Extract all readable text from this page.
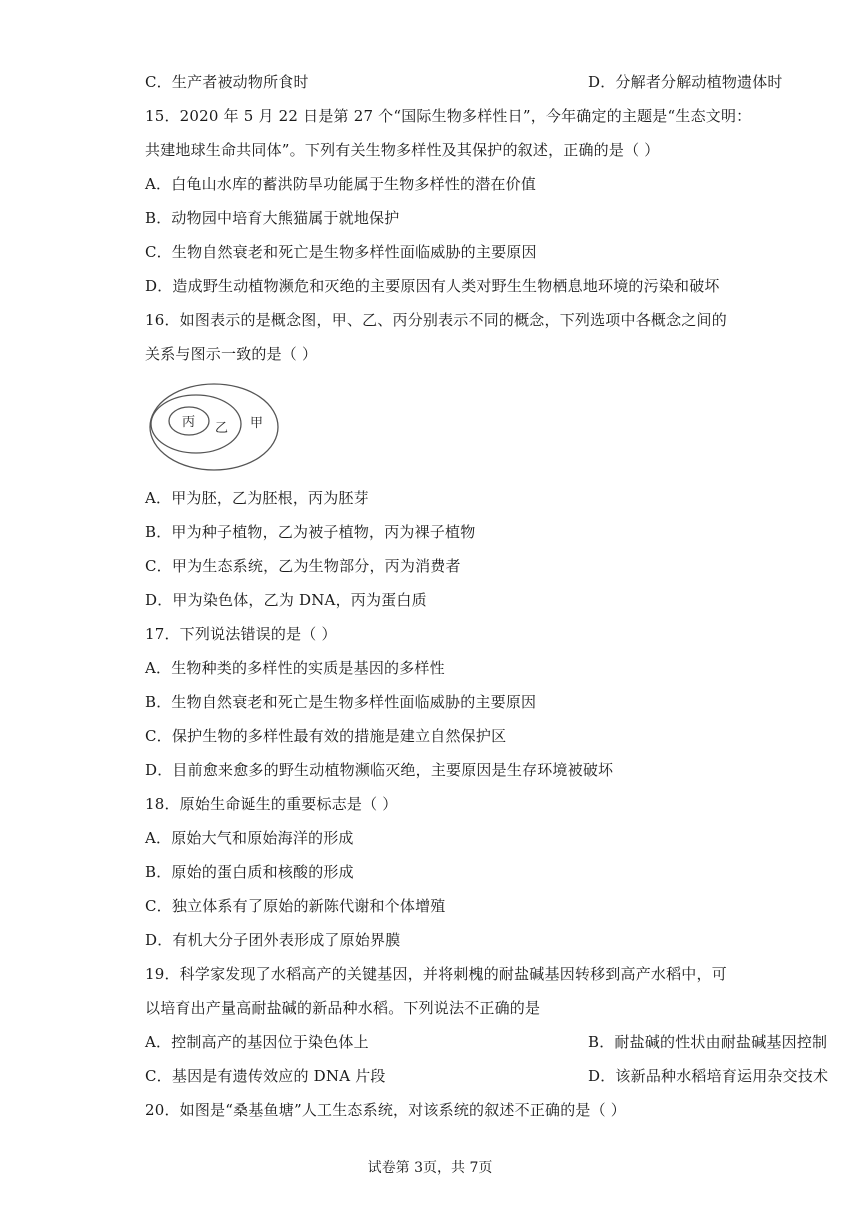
C．生产者被动物所食时	D．分解者分解动植物遗体时
15．2020 年 5 月 22 日是第 27 个“国际生物多样性日”，今年确定的主题是“生态文明：
共建地球生命共同体”。下列有关生物多样性及其保护的叙述，正确的是（ ）
A．白龟山水库的蓄洪防旱功能属于生物多样性的潜在价值
B．动物园中培育大熊猫属于就地保护
C．生物自然衰老和死亡是生物多样性面临威胁的主要原因
D．造成野生动植物濒危和灭绝的主要原因有人类对野生生物栖息地环境的污染和破坏
16．如图表示的是概念图，甲、乙、丙分别表示不同的概念，下列选项中各概念之间的
关系与图示一致的是（ ）
丙 乙 甲
A．甲为胚，乙为胚根，丙为胚芽
B．甲为种子植物，乙为被子植物，丙为裸子植物
C．甲为生态系统，乙为生物部分，丙为消费者
D．甲为染色体，乙为 DNA，丙为蛋白质
17．下列说法错误的是（ ）
A．生物种类的多样性的实质是基因的多样性
B．生物自然衰老和死亡是生物多样性面临威胁的主要原因
C．保护生物的多样性最有效的措施是建立自然保护区
D．目前愈来愈多的野生动植物濒临灭绝，主要原因是生存环境被破坏
18．原始生命诞生的重要标志是（ ）
A．原始大气和原始海洋的形成
B．原始的蛋白质和核酸的形成
C．独立体系有了原始的新陈代谢和个体增殖
D．有机大分子团外表形成了原始界膜
19．科学家发现了水稻高产的关键基因，并将刺槐的耐盐碱基因转移到高产水稻中，可
以培育出产量高耐盐碱的新品种水稻。下列说法不正确的是
A．控制高产的基因位于染色体上	B．耐盐碱的性状由耐盐碱基因控制
C．基因是有遗传效应的 DNA 片段	D．该新品种水稻培育运用杂交技术
20．如图是“桑基鱼塘”人工生态系统，对该系统的叙述不正确的是（ ）
试卷第 3页，共 7页
